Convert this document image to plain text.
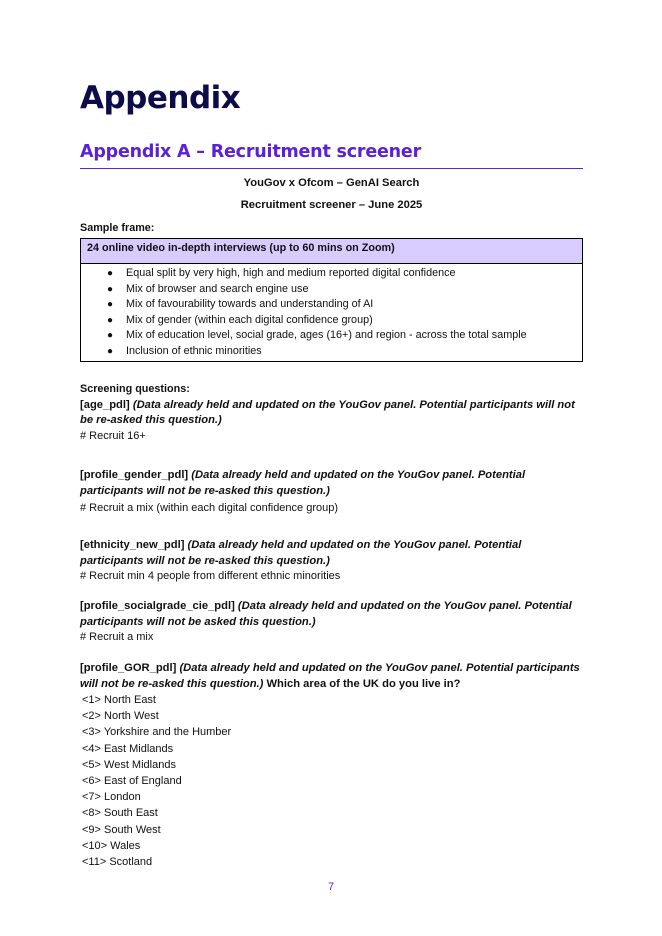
Appendix
Appendix A – Recruitment screener
YouGov x Ofcom – GenAI Search
Recruitment screener – June 2025
Sample frame:
24 online video in-depth interviews (up to 60 mins on Zoom)
● Equal split by very high, high and medium reported digital confidence
● Mix of browser and search engine use
● Mix of favourability towards and understanding of AI
● Mix of gender (within each digital confidence group)
● Mix of education level, social grade, ages (16+) and region - across the total sample
● Inclusion of ethnic minorities
Screening questions:
[age_pdl] (Data already held and updated on the YouGov panel. Potential participants will not be re-asked this question.)
# Recruit 16+
[profile_gender_pdl] (Data already held and updated on the YouGov panel. Potential participants will not be re-asked this question.)
# Recruit a mix (within each digital confidence group)
[ethnicity_new_pdl] (Data already held and updated on the YouGov panel. Potential participants will not be re-asked this question.)
# Recruit min 4 people from different ethnic minorities
[profile_socialgrade_cie_pdl] (Data already held and updated on the YouGov panel. Potential participants will not be asked this question.)
# Recruit a mix
[profile_GOR_pdl] (Data already held and updated on the YouGov panel. Potential participants will not be re-asked this question.) Which area of the UK do you live in?
<1> North East
<2> North West
<3> Yorkshire and the Humber
<4> East Midlands
<5> West Midlands
<6> East of England
<7> London
<8> South East
<9> South West
<10> Wales
<11> Scotland
7
